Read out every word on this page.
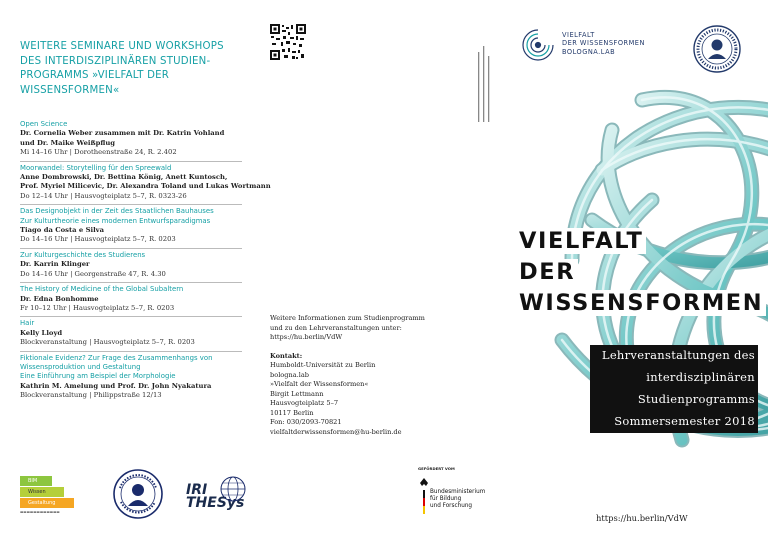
WEITERE SEMINARE UND WORKSHOPS
DES INTERDISZIPLINÄREN STUDIEN-
PROGRAMMS »VIELFALT DER
WISSENSFORMEN«
Open Science
Dr. Cornelia Weber zusammen mit Dr. Katrin Vohland
und Dr. Maike Weißpflug
Mi 14–16 Uhr | Dorotheenstraße 24, R. 2.402
Moorwandel: Storytelling für den Spreewald
Anne Dombrowski, Dr. Bettina König, Anett Kuntosch,
Prof. Myriel Milicevic, Dr. Alexandra Toland und Lukas Wortmann
Do 12–14 Uhr | Hausvogteiplatz 5–7, R. 0323-26
Das Designobjekt in der Zeit des Staatlichen Bauhauses
Zur Kulturtheorie eines modernen Entwurfsparadigmas
Tiago da Costa e Silva
Do 14–16 Uhr | Hausvogteiplatz 5–7, R. 0203
Zur Kulturgeschichte des Studierens
Dr. Karrin Klinger
Do 14–16 Uhr | Georgenstraße 47, R. 4.30
The History of Medicine of the Global Subaltern
Dr. Edna Bonhomme
Fr 10–12 Uhr | Hausvogteiplatz 5–7, R. 0203
Hair
Kelly Lloyd
Blockveranstaltung | Hausvogteiplatz 5–7, R. 0203
Fiktionale Evidenz? Zur Frage des Zusammenhangs von
Wissensproduktion und Gestaltung
Eine Einführung am Beispiel der Morphologie
Kathrin M. Amelung und Prof. Dr. John Nyakatura
Blockveranstaltung | Philippstraße 12/13
BIM
Wissen
Gestaltung
▬▬▬▬▬▬▬▬▬▬▬▬
IRI
THESys
Weitere Informationen zum Studienprogramm
und zu den Lehrveranstaltungen unter:
https://hu.berlin/VdW
Kontakt:
Humboldt-Universität zu Berlin
bologna.lab
»Vielfalt der Wissensformen«
Birgit Lettmann
Hausvogteiplatz 5–7
10117 Berlin
Fon: 030/2093-70821
vielfaltderwissensformen@hu-berlin.de
VIELFALT
DER WISSENSFORMEN
BOLOGNA.LAB
VIELFALT
DER
WISSENSFORMEN
Lehrveranstaltungen des
interdisziplinären
Studienprogramms
Sommersemester 2018
GEFÖRDERT VOM
Bundesministerium
für Bildung
und Forschung
https://hu.berlin/VdW
